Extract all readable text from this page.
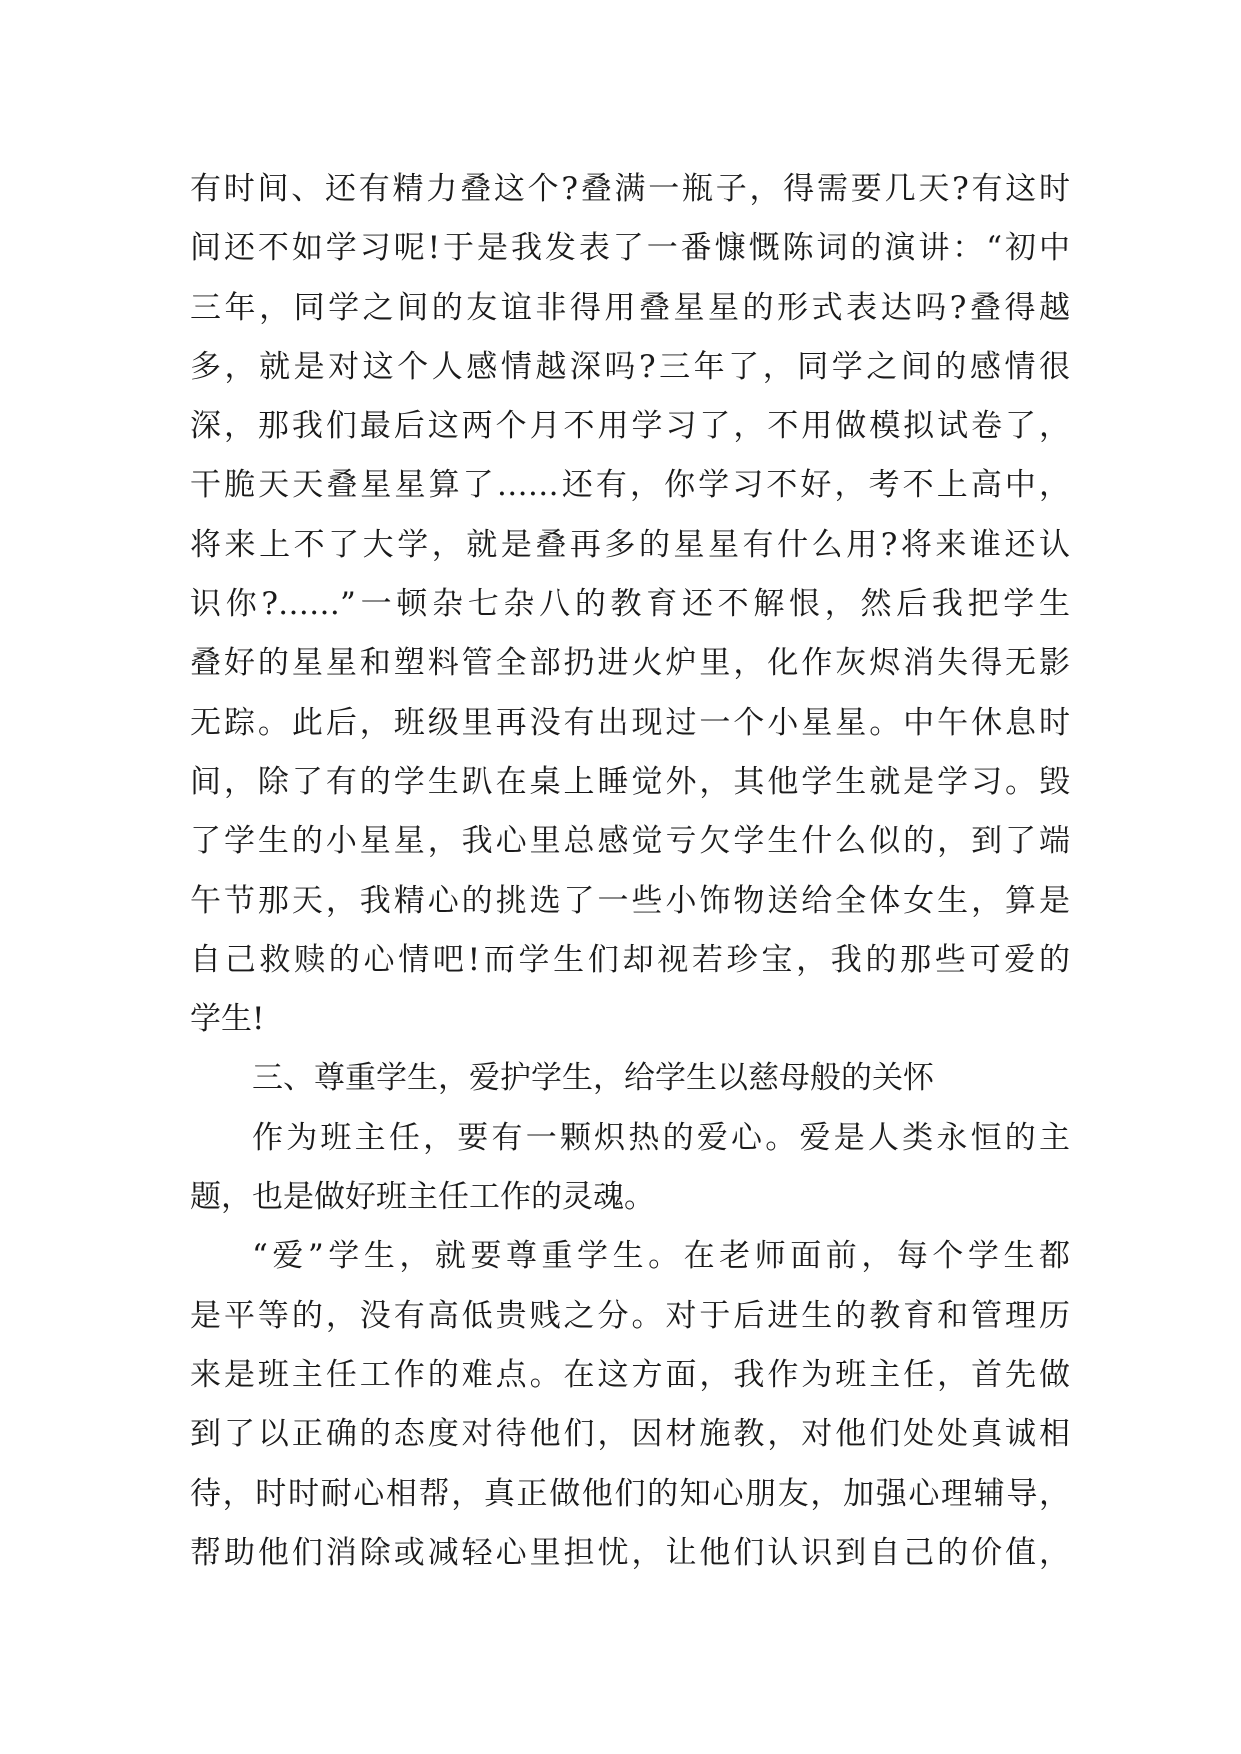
有时间、还有精力叠这个?叠满一瓶子，得需要几天?有这时
间还不如学习呢!于是我发表了一番慷慨陈词的演讲：“初中
三年，同学之间的友谊非得用叠星星的形式表达吗?叠得越
多，就是对这个人感情越深吗?三年了，同学之间的感情很
深，那我们最后这两个月不用学习了，不用做模拟试卷了，
干脆天天叠星星算了……还有，你学习不好，考不上高中，
将来上不了大学，就是叠再多的星星有什么用?将来谁还认
识你?……”一顿杂七杂八的教育还不解恨，然后我把学生
叠好的星星和塑料管全部扔进火炉里，化作灰烬消失得无影
无踪。此后，班级里再没有出现过一个小星星。中午休息时
间，除了有的学生趴在桌上睡觉外，其他学生就是学习。毁
了学生的小星星，我心里总感觉亏欠学生什么似的，到了端
午节那天，我精心的挑选了一些小饰物送给全体女生，算是
自己救赎的心情吧!而学生们却视若珍宝，我的那些可爱的
学生!
三、尊重学生，爱护学生，给学生以慈母般的关怀
作为班主任，要有一颗炽热的爱心。爱是人类永恒的主
题，也是做好班主任工作的灵魂。
“爱”学生，就要尊重学生。在老师面前，每个学生都
是平等的，没有高低贵贱之分。对于后进生的教育和管理历
来是班主任工作的难点。在这方面，我作为班主任，首先做
到了以正确的态度对待他们，因材施教，对他们处处真诚相
待，时时耐心相帮，真正做他们的知心朋友，加强心理辅导，
帮助他们消除或减轻心里担忧，让他们认识到自己的价值，
